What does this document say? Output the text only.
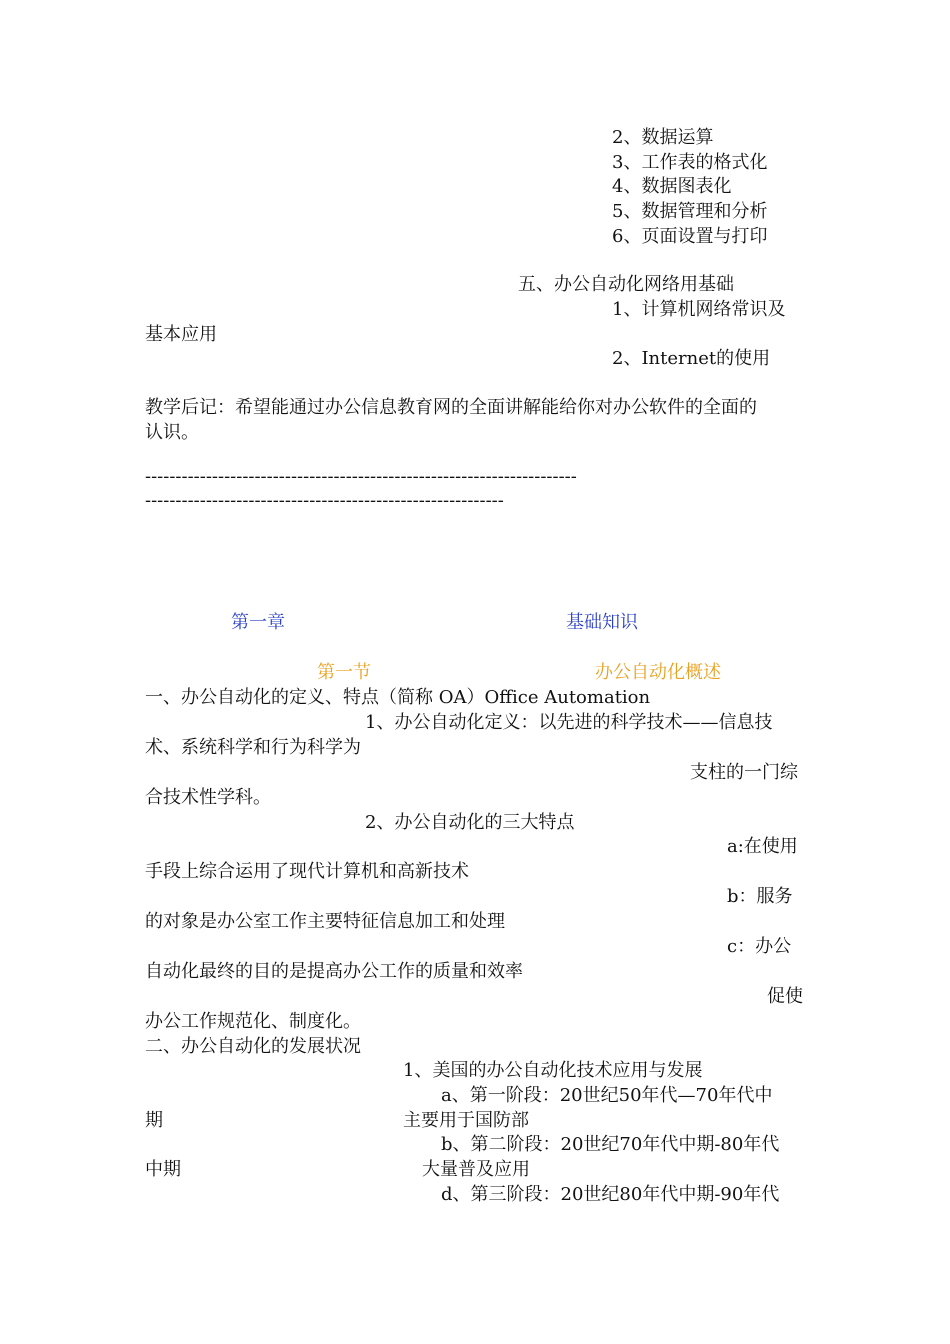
2、数据运算
3、工作表的格式化
4、数据图表化
5、数据管理和分析
6、页面设置与打印
五、办公自动化网络用基础
1、计算机网络常识及
基本应用
2、Internet的使用
教学后记：希望能通过办公信息教育网的全面讲解能给你对办公软件的全面的
认识。
-----------------------------------------------------------------------
-----------------------------------------------------------
第一章	基础知识
第一节	办公自动化概述
一、办公自动化的定义、特点（简称 OA）Office Automation
1、办公自动化定义：以先进的科学技术——信息技
术、系统科学和行为科学为
支柱的一门综
合技术性学科。
2、办公自动化的三大特点
a:在使用
手段上综合运用了现代计算机和高新技术
b：服务
的对象是办公室工作主要特征信息加工和处理
c：办公
自动化最终的目的是提高办公工作的质量和效率
促使
办公工作规范化、制度化。
二、办公自动化的发展状况
1、美国的办公自动化技术应用与发展
a、第一阶段：20世纪50年代—70年代中
期	主要用于国防部
b、第二阶段：20世纪70年代中期-80年代
中期	大量普及应用
d、第三阶段：20世纪80年代中期-90年代
